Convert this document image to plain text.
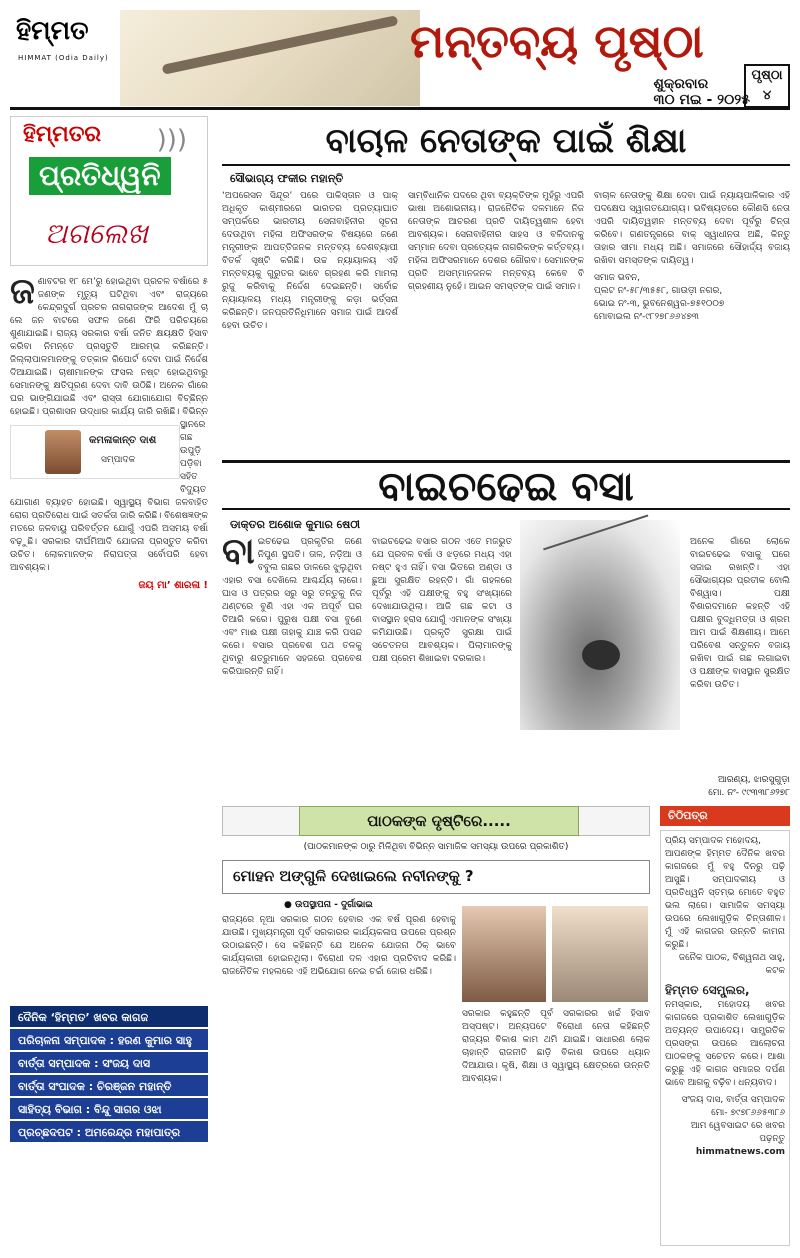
ହିମ୍ମତ
HIMMAT (Odia Daily)	ମନ୍ତବ୍ୟ ପୃଷ୍ଠା
ଶୁକ୍ରବାର
୩୦ ମଇ - ୨୦୨୫
ପୃଷ୍ଠା
୪
ହିମ୍ମତର )))
ପ୍ରତିଧ୍ୱନି
ଅଗଲେଖ
ଜ ଣାବଟର ୧୮ ମେ’ରୁ ହୋଇଥିବା ପ୍ରଚଳ ବର୍ଷାରେ ୫ ଜଣଙ୍କ ମୃତ୍ୟୁ ଘଟିଥିବା ଏବଂ ରାଜ୍ୟରେ କେନ୍ଦ୍ରଦୁର୍ଗ ପ୍ରଚଳ ନାଗରାଜଙ୍କ ଆଦେଶ ମୁଁ ଚା ଲେ ଜନ ବାଟରେ ସଫଳ ଜଣେ ଫିରି ପରିଚୟରେ ଶୁଣାଯାଇଛି। ରାଜ୍ୟ ସରକାର ବର୍ଷା ଜନିତ କ୍ଷୟକ୍ଷତି ହିସାବ କରିବା ନିମନ୍ତେ ପ୍ରସ୍ତୁତି ଆରମ୍ଭ କରିଛନ୍ତି। ଜିଲ୍ଲାପାଳମାନଙ୍କୁ ତତ୍କାଳ ରିପୋର୍ଟ ଦେବା ପାଇଁ ନିର୍ଦ୍ଦେଶ ଦିଆଯାଇଛି। ଚାଷୀମାନଙ୍କ ଫସଲ ନଷ୍ଟ ହୋଇଥିବାରୁ ସେମାନଙ୍କୁ କ୍ଷତିପୂରଣ ଦେବା ଦାବି ଉଠିଛି। ଅନେକ ଗାଁରେ ଘର ଭାଙ୍ଗିଯାଇଛି ଏବଂ ରାସ୍ତା ଯୋଗାଯୋଗ ବିଚ୍ଛିନ୍ନ ହୋଇଛି। ପ୍ରଶାସନ ଉଦ୍ଧାର କାର୍ଯ୍ୟ ଜାରି ରଖିଛି।
କମଳାକାନ୍ତ ଦାଶ
ସମ୍ପାଦକ
ବିଭିନ୍ନ ସ୍ଥାନରେ ଗଛ ଉପୁଡ଼ି ପଡ଼ିବା ସହିତ ବିଦ୍ୟୁତ ଯୋଗାଣ ବ୍ୟାହତ ହୋଇଛି। ସ୍ୱାସ୍ଥ୍ୟ ବିଭାଗ ଜଳବାହିତ ରୋଗ ପ୍ରତିରୋଧ ପାଇଁ ସତର୍କତା ଜାରି କରିଛି। ବିଶେଷଜ୍ଞଙ୍କ ମତରେ ଜଳବାୟୁ ପରିବର୍ତ୍ତନ ଯୋଗୁଁ ଏପରି ଅସମୟ ବର୍ଷା ବଢ଼ୁଛି। ସରକାର ଦୀର୍ଘମିଆଦି ଯୋଜନା ପ୍ରସ୍ତୁତ କରିବା ଉଚିତ। ଲୋକମାନଙ୍କ ନିରାପତ୍ତା ସର୍ବୋପରି ହେବା ଆବଶ୍ୟକ।
ଜୟ ମା’ ଶାରଳା !
ଦୈନିକ ‘ହିମ୍ମତ’ ଖବର କାଗଜ
ପରିଚାଳନା ସମ୍ପାଦକ : ହରଣ କୁମାର ସାହୁ
ବାର୍ତ୍ତା ସମ୍ପାଦକ : ସଂଜୟ ଦାସ
ବାର୍ତ୍ତା ସଂପାଦକ : ଚିରଞ୍ଜନ ମହାନ୍ତି
ସାହିତ୍ୟ ବିଭାଗ : ବିନ୍ଦୁ ସାଗର ଓଝା
ପ୍ରଚ୍ଛଦପଟ : ଅମରେନ୍ଦ୍ର ମହାପାତ୍ର
ବାଚାଳ ନେତାଙ୍କ ପାଇଁ ଶିକ୍ଷା
ସୌଭାଗ୍ୟ ଫକୀର ମହାନ୍ତି
‘ଅପରେସନ ସିନ୍ଦୂର’ ପରେ ପାକିସ୍ତାନ ଓ ପାକ୍ ଅଧିକୃତ କାଶ୍ମୀରରେ ଭାରତର ପ୍ରତ୍ୟାଘାତ ସମ୍ପର୍କରେ ଭାରତୀୟ ସେନାବାହିନୀର ସୂଚନା ଦେଉଥିବା ମହିଳା ଅଫିସରଙ୍କ ବିଷୟରେ ଜଣେ ମନ୍ତ୍ରୀଙ୍କ ଆପତ୍ତିଜନକ ମନ୍ତବ୍ୟ ଦେଶବ୍ୟାପୀ ବିତର୍କ ସୃଷ୍ଟି କରିଛି। ଉଚ୍ଚ ନ୍ୟାୟାଳୟ ଏହି ମନ୍ତବ୍ୟକୁ ଗୁରୁତର ଭାବେ ଗ୍ରହଣ କରି ମାମଲା ରୁଜୁ କରିବାକୁ ନିର୍ଦ୍ଦେଶ ଦେଇଛନ୍ତି। ସର୍ବୋଚ୍ଚ ନ୍ୟାୟାଳୟ ମଧ୍ୟ ମନ୍ତ୍ରୀଙ୍କୁ କଡ଼ା ଭର୍ତ୍ସନା କରିଛନ୍ତି। ଜନପ୍ରତିନିଧିମାନେ ସମାଜ ପାଇଁ ଆଦର୍ଶ ହେବା ଉଚିତ।
ସାମ୍ବିଧାନିକ ପଦରେ ଥିବା ବ୍ୟକ୍ତିଙ୍କ ମୁହଁରୁ ଏପରି ଭାଷା ଅଶୋଭନୀୟ। ରାଜନୈତିକ ଦଳମାନେ ନିଜ ନେତାଙ୍କ ଆଚରଣ ପ୍ରତି ଦାୟିତ୍ୱଶୀଳ ହେବା ଆବଶ୍ୟକ। ସେନାବାହିନୀର ସାହସ ଓ ବଳିଦାନକୁ ସମ୍ମାନ ଦେବା ପ୍ରତ୍ୟେକ ନାଗରିକଙ୍କ କର୍ତ୍ତବ୍ୟ। ମହିଳା ଅଫିସରମାନେ ଦେଶର ଗୌରବ। ସେମାନଙ୍କ ପ୍ରତି ଅସମ୍ମାନଜନକ ମନ୍ତବ୍ୟ କେବେ ବି ଗ୍ରହଣୀୟ ନୁହେଁ। ଆଇନ ସମସ୍ତଙ୍କ ପାଇଁ ସମାନ।
ବାଚାଳ ନେତାଙ୍କୁ ଶିକ୍ଷା ଦେବା ପାଇଁ ନ୍ୟାୟପାଳିକାର ଏହି ପଦକ୍ଷେପ ସ୍ୱାଗତଯୋଗ୍ୟ। ଭବିଷ୍ୟତରେ କୌଣସି ନେତା ଏପରି ଦାୟିତ୍ୱହୀନ ମନ୍ତବ୍ୟ ଦେବା ପୂର୍ବରୁ ଚିନ୍ତା କରିବେ। ଗଣତନ୍ତ୍ରରେ ବାକ୍ ସ୍ୱାଧୀନତା ଅଛି, କିନ୍ତୁ ତାହାର ସୀମା ମଧ୍ୟ ଅଛି। ସମାଜରେ ସୌହାର୍ଦ୍ଦ୍ୟ ବଜାୟ ରଖିବା ସମସ୍ତଙ୍କ ଦାୟିତ୍ୱ।
ସମାଜ ଭବନ,
ପ୍ଲଟ ନଂ-୫୮/୩୫୫୮, ଗାଉଡ଼ୀ ନଗର,
ଭୋଇ ନଂ-୩, ଭୁବନେଶ୍ୱର-୭୫୧୦୦୭
ମୋବାଇଲ ନଂ-୯୮୨୭୮୬୬୪୭୩
ବାଇଚଢେଇ ବସା
ଡାକ୍ତର ଅଶୋକ କୁମାର ଷେଠୀ
ବା ଇଚଢେଇ ପ୍ରକୃତିର ଜଣେ ନିପୁଣ ସ୍ଥପତି। ତାଳ, ନଡ଼ିଆ ଓ ବବୁଲ ଗଛର ଡାଳରେ ଝୁଲୁଥିବା ଏହାର ବସା ଦେଖିଲେ ଆଶ୍ଚର୍ଯ୍ୟ ଲାଗେ। ଘାସ ଓ ପତ୍ରର ସରୁ ସରୁ ତନ୍ତୁକୁ ନିଜ ଥଣ୍ଟରେ ବୁଣି ଏହା ଏକ ଅପୂର୍ବ ଘର ତିଆରି କରେ। ପୁରୁଷ ପକ୍ଷୀ ବସା ବୁଣେ ଏବଂ ମାଈ ପକ୍ଷୀ ତାହାକୁ ଯାଞ୍ଚ କରି ପସନ୍ଦ କରେ। ବସାର ପ୍ରବେଶ ପଥ ତଳକୁ ଥିବାରୁ ଶତ୍ରୁମାନେ ସହଜରେ ପ୍ରବେଶ କରିପାରନ୍ତି ନାହିଁ।
ବାଇଚଢେଇ ବସାର ଗଠନ ଏତେ ମଜଭୁତ ଯେ ପ୍ରବଳ ବର୍ଷା ଓ ଝଡ଼ରେ ମଧ୍ୟ ଏହା ନଷ୍ଟ ହୁଏ ନାହିଁ। ବସା ଭିତରେ ଅଣ୍ଡା ଓ ଛୁଆ ସୁରକ୍ଷିତ ରହନ୍ତି। ଗାଁ ଗହଳରେ ପୂର୍ବରୁ ଏହି ପକ୍ଷୀଙ୍କୁ ବହୁ ସଂଖ୍ୟାରେ ଦେଖାଯାଉଥିଲା। ଆଜି ଗଛ କଟା ଓ ବାସସ୍ଥାନ ହ୍ରାସ ଯୋଗୁଁ ଏମାନଙ୍କ ସଂଖ୍ୟା କମିଯାଉଛି। ପ୍ରକୃତି ସୁରକ୍ଷା ପାଇଁ ସଚେତନତା ଆବଶ୍ୟକ। ପିଲାମାନଙ୍କୁ ପକ୍ଷୀ ପ୍ରେମ ଶିଖାଇବା ଦରକାର।
ଅନେକ ଗାଁରେ ଲୋକେ ବାଇଚଢେଇ ବସାକୁ ଘରେ ସଜାଇ ରଖନ୍ତି। ଏହା ସୌଭାଗ୍ୟର ପ୍ରତୀକ ବୋଲି ବିଶ୍ୱାସ। ପକ୍ଷୀ ବିଶାରଦମାନେ କହନ୍ତି ଏହି ପକ୍ଷୀର ବୁଦ୍ଧିମତ୍ତା ଓ ଶ୍ରମ ଆମ ପାଇଁ ଶିକ୍ଷଣୀୟ। ଆମେ ପରିବେଶ ସନ୍ତୁଳନ ବଜାୟ ରଖିବା ପାଇଁ ଗଛ ଲଗାଇବା ଓ ପକ୍ଷୀଙ୍କ ବାସସ୍ଥାନ ସୁରକ୍ଷିତ କରିବା ଉଚିତ।
ଆରଣ୍ୟ, ଝାରସୁଗୁଡ଼ା
ମୋ. ନଂ- ୯୯୩୩୮୬୨୭୮
ପାଠକଙ୍କ ଦୃଷ୍ଟିରେ.....
(ପାଠକମାନଙ୍କ ଠାରୁ ମିଳିଥିବା ବିଭିନ୍ନ ସାମାଜିକ ସମସ୍ୟା ଉପରେ ପ୍ରକାଶିତ)
ମୋହନ ଅଙ୍ଗୁଳି ଦେଖାଇଲେ ନବୀନଙ୍କୁ ?
● ଉପସ୍ଥାପନା - ଦୁର୍ଗାଭାଇ
ରାଜ୍ୟରେ ନୂଆ ସରକାର ଗଠନ ହେବାର ଏକ ବର୍ଷ ପୂରଣ ହେବାକୁ ଯାଉଛି। ମୁଖ୍ୟମନ୍ତ୍ରୀ ପୂର୍ବ ସରକାରର କାର୍ଯ୍ୟକଳାପ ଉପରେ ପ୍ରଶ୍ନ ଉଠାଇଛନ୍ତି। ସେ କହିଛନ୍ତି ଯେ ଅନେକ ଯୋଜନା ଠିକ୍ ଭାବେ କାର୍ଯ୍ୟକାରୀ ହୋଇନଥିଲା। ବିରୋଧୀ ଦଳ ଏହାର ପ୍ରତିବାଦ କରିଛି। ରାଜନୈତିକ ମହଲରେ ଏହି ଅଭିଯୋଗ ନେଇ ଚର୍ଚ୍ଚା ଜୋର ଧରିଛି।
ସରକାର କହୁଛନ୍ତି ପୂର୍ବ ସରକାରର ଖର୍ଚ୍ଚ ହିସାବ ଅସ୍ପଷ୍ଟ। ଅନ୍ୟପଟେ ବିରୋଧୀ ନେତା କହିଛନ୍ତି ରାଜ୍ୟର ବିକାଶ କାମ ଥମି ଯାଇଛି। ସାଧାରଣ ଲୋକ ଚାହାନ୍ତି ରାଜନୀତି ଛାଡ଼ି ବିକାଶ ଉପରେ ଧ୍ୟାନ ଦିଆଯାଉ। କୃଷି, ଶିକ୍ଷା ଓ ସ୍ୱାସ୍ଥ୍ୟ କ୍ଷେତ୍ରରେ ଉନ୍ନତି ଆବଶ୍ୟକ।
ଚିଠିପତ୍ର
ପ୍ରିୟ ସମ୍ପାଦକ ମହୋଦୟ,
ଆପଣଙ୍କ ହିମ୍ମତ ଦୈନିକ ଖବର କାଗଜରେ ମୁଁ ବହୁ ଦିନରୁ ପଢ଼ି ଆସୁଛି। ସମ୍ପାଦକୀୟ ଓ ପ୍ରତିଧ୍ୱନି ସ୍ତମ୍ଭ ମୋତେ ବହୁତ ଭଲ ଲାଗେ। ସାମାଜିକ ସମସ୍ୟା ଉପରେ ଲେଖାଗୁଡ଼ିକ ଚିନ୍ତାଶୀଳ। ମୁଁ ଏହି କାଗଜର ଉନ୍ନତି କାମନା କରୁଛି।
ଜନୈକ ପାଠକ, ବିଶ୍ୱନାଥ ସାହୁ, କଟକ
ହିମ୍ମତ ସେମ୍ପ୍ଲର,
ନମସ୍କାର, ମହୋଦୟ ଖବର କାଗଜରେ ପ୍ରକାଶିତ ଲେଖାଗୁଡ଼ିକ ଅତ୍ୟନ୍ତ ଉପାଦେୟ। ସାମ୍ପ୍ରତିକ ପ୍ରସଙ୍ଗ ଉପରେ ଆଲୋଚନା ପାଠକଙ୍କୁ ସଚେତନ କରେ। ଆଶା କରୁଛୁ ଏହି କାଗଜ ସମାଜର ଦର୍ପଣ ଭାବେ ଆଗକୁ ବଢ଼ିବ। ଧନ୍ୟବାଦ।
ସଂଜୟ ଦାସ, ବାର୍ତ୍ତା ସମ୍ପାଦକ
ମୋ- ୭୯୭୮୬୬୫୩୮୬
ଆମ ୱେବସାଇଟ ରେ ଖବର ପଢ଼ନ୍ତୁ
himmatnews.com
